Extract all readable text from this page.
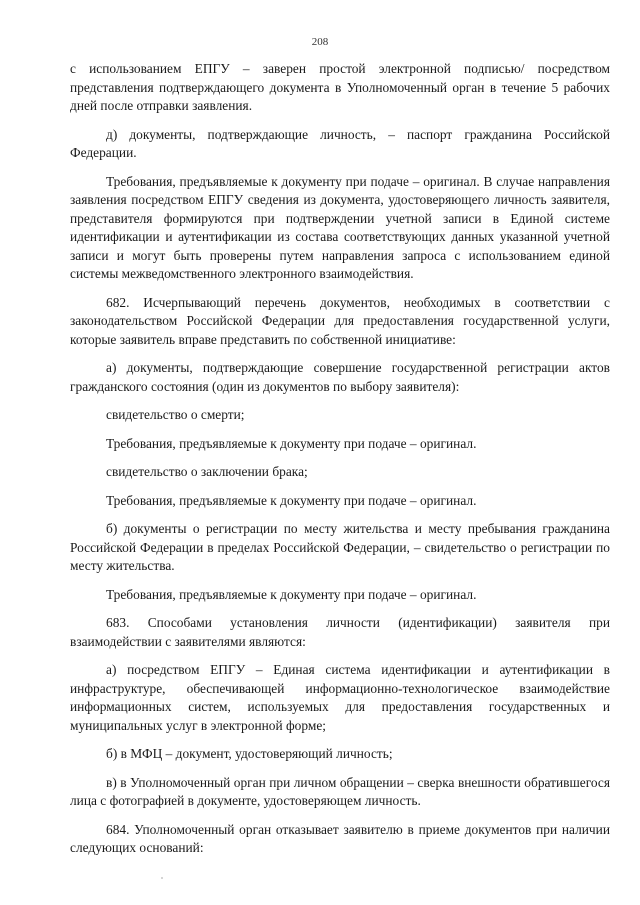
208

с использованием ЕПГУ – заверен простой электронной подписью/ посредством представления подтверждающего документа в Уполномоченный орган в течение 5 рабочих дней после отправки заявления.

д) документы, подтверждающие личность, – паспорт гражданина Российской Федерации.

Требования, предъявляемые к документу при подаче – оригинал. В случае направления заявления посредством ЕПГУ сведения из документа, удостоверяющего личность заявителя, представителя формируются при подтверждении учетной записи в Единой системе идентификации и аутентификации из состава соответствующих данных указанной учетной записи и могут быть проверены путем направления запроса с использованием единой системы межведомственного электронного взаимодействия.

682. Исчерпывающий перечень документов, необходимых в соответствии с законодательством Российской Федерации для предоставления государственной услуги, которые заявитель вправе представить по собственной инициативе:

а) документы, подтверждающие совершение государственной регистрации актов гражданского состояния (один из документов по выбору заявителя):

свидетельство о смерти;

Требования, предъявляемые к документу при подаче – оригинал.

свидетельство о заключении брака;

Требования, предъявляемые к документу при подаче – оригинал.

б) документы о регистрации по месту жительства и месту пребывания гражданина Российской Федерации в пределах Российской Федерации, – свидетельство о регистрации по месту жительства.

Требования, предъявляемые к документу при подаче – оригинал.

683. Способами установления личности (идентификации) заявителя при взаимодействии с заявителями являются:

а) посредством ЕПГУ – Единая система идентификации и аутентификации в инфраструктуре, обеспечивающей информационно-технологическое взаимодействие информационных систем, используемых для предоставления государственных и муниципальных услуг в электронной форме;

б) в МФЦ – документ, удостоверяющий личность;

в) в Уполномоченный орган при личном обращении – сверка внешности обратившегося лица с фотографией в документе, удостоверяющем личность.

684. Уполномоченный орган отказывает заявителю в приеме документов при наличии следующих оснований:
